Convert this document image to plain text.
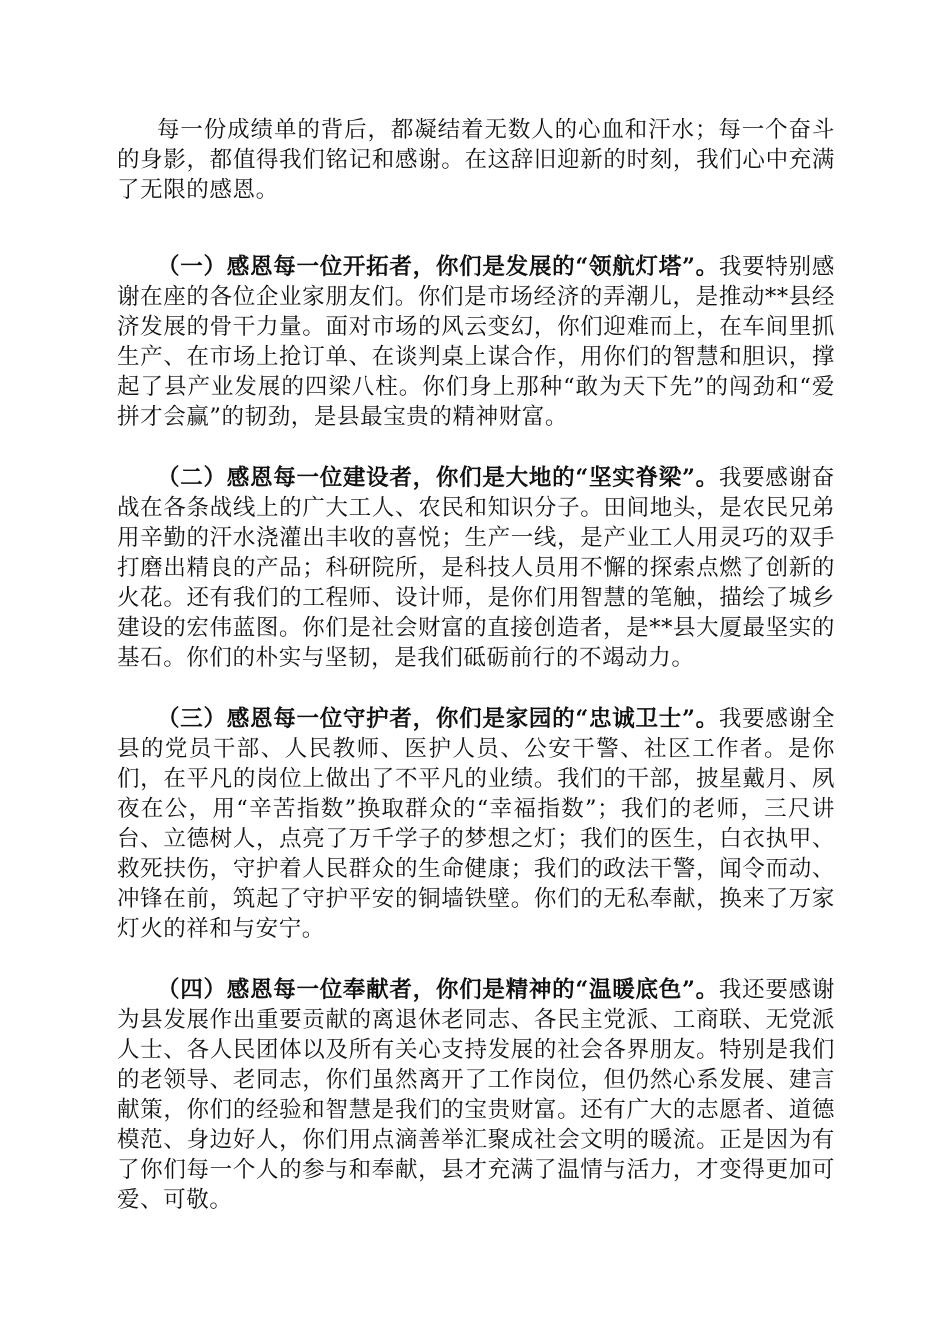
每一份成绩单的背后，都凝结着无数人的心血和汗水；每一个奋斗的身影，都值得我们铭记和感谢。在这辞旧迎新的时刻，我们心中充满了无限的感恩。

（一）感恩每一位开拓者，你们是发展的“领航灯塔”。我要特别感谢在座的各位企业家朋友们。你们是市场经济的弄潮儿，是推动**县经济发展的骨干力量。面对市场的风云变幻，你们迎难而上，在车间里抓生产、在市场上抢订单、在谈判桌上谋合作，用你们的智慧和胆识，撑起了县产业发展的四梁八柱。你们身上那种“敢为天下先”的闯劲和“爱拼才会赢”的韧劲，是县最宝贵的精神财富。

（二）感恩每一位建设者，你们是大地的“坚实脊梁”。我要感谢奋战在各条战线上的广大工人、农民和知识分子。田间地头，是农民兄弟用辛勤的汗水浇灌出丰收的喜悦；生产一线，是产业工人用灵巧的双手打磨出精良的产品；科研院所，是科技人员用不懈的探索点燃了创新的火花。还有我们的工程师、设计师，是你们用智慧的笔触，描绘了城乡建设的宏伟蓝图。你们是社会财富的直接创造者，是**县大厦最坚实的基石。你们的朴实与坚韧，是我们砥砺前行的不竭动力。

（三）感恩每一位守护者，你们是家园的“忠诚卫士”。我要感谢全县的党员干部、人民教师、医护人员、公安干警、社区工作者。是你们，在平凡的岗位上做出了不平凡的业绩。我们的干部，披星戴月、夙夜在公，用“辛苦指数”换取群众的“幸福指数”；我们的老师，三尺讲台、立德树人，点亮了万千学子的梦想之灯；我们的医生，白衣执甲、救死扶伤，守护着人民群众的生命健康；我们的政法干警，闻令而动、冲锋在前，筑起了守护平安的铜墙铁壁。你们的无私奉献，换来了万家灯火的祥和与安宁。

（四）感恩每一位奉献者，你们是精神的“温暖底色”。我还要感谢为县发展作出重要贡献的离退休老同志、各民主党派、工商联、无党派人士、各人民团体以及所有关心支持发展的社会各界朋友。特别是我们的老领导、老同志，你们虽然离开了工作岗位，但仍然心系发展、建言献策，你们的经验和智慧是我们的宝贵财富。还有广大的志愿者、道德模范、身边好人，你们用点滴善举汇聚成社会文明的暖流。正是因为有了你们每一个人的参与和奉献，县才充满了温情与活力，才变得更加可爱、可敬。
